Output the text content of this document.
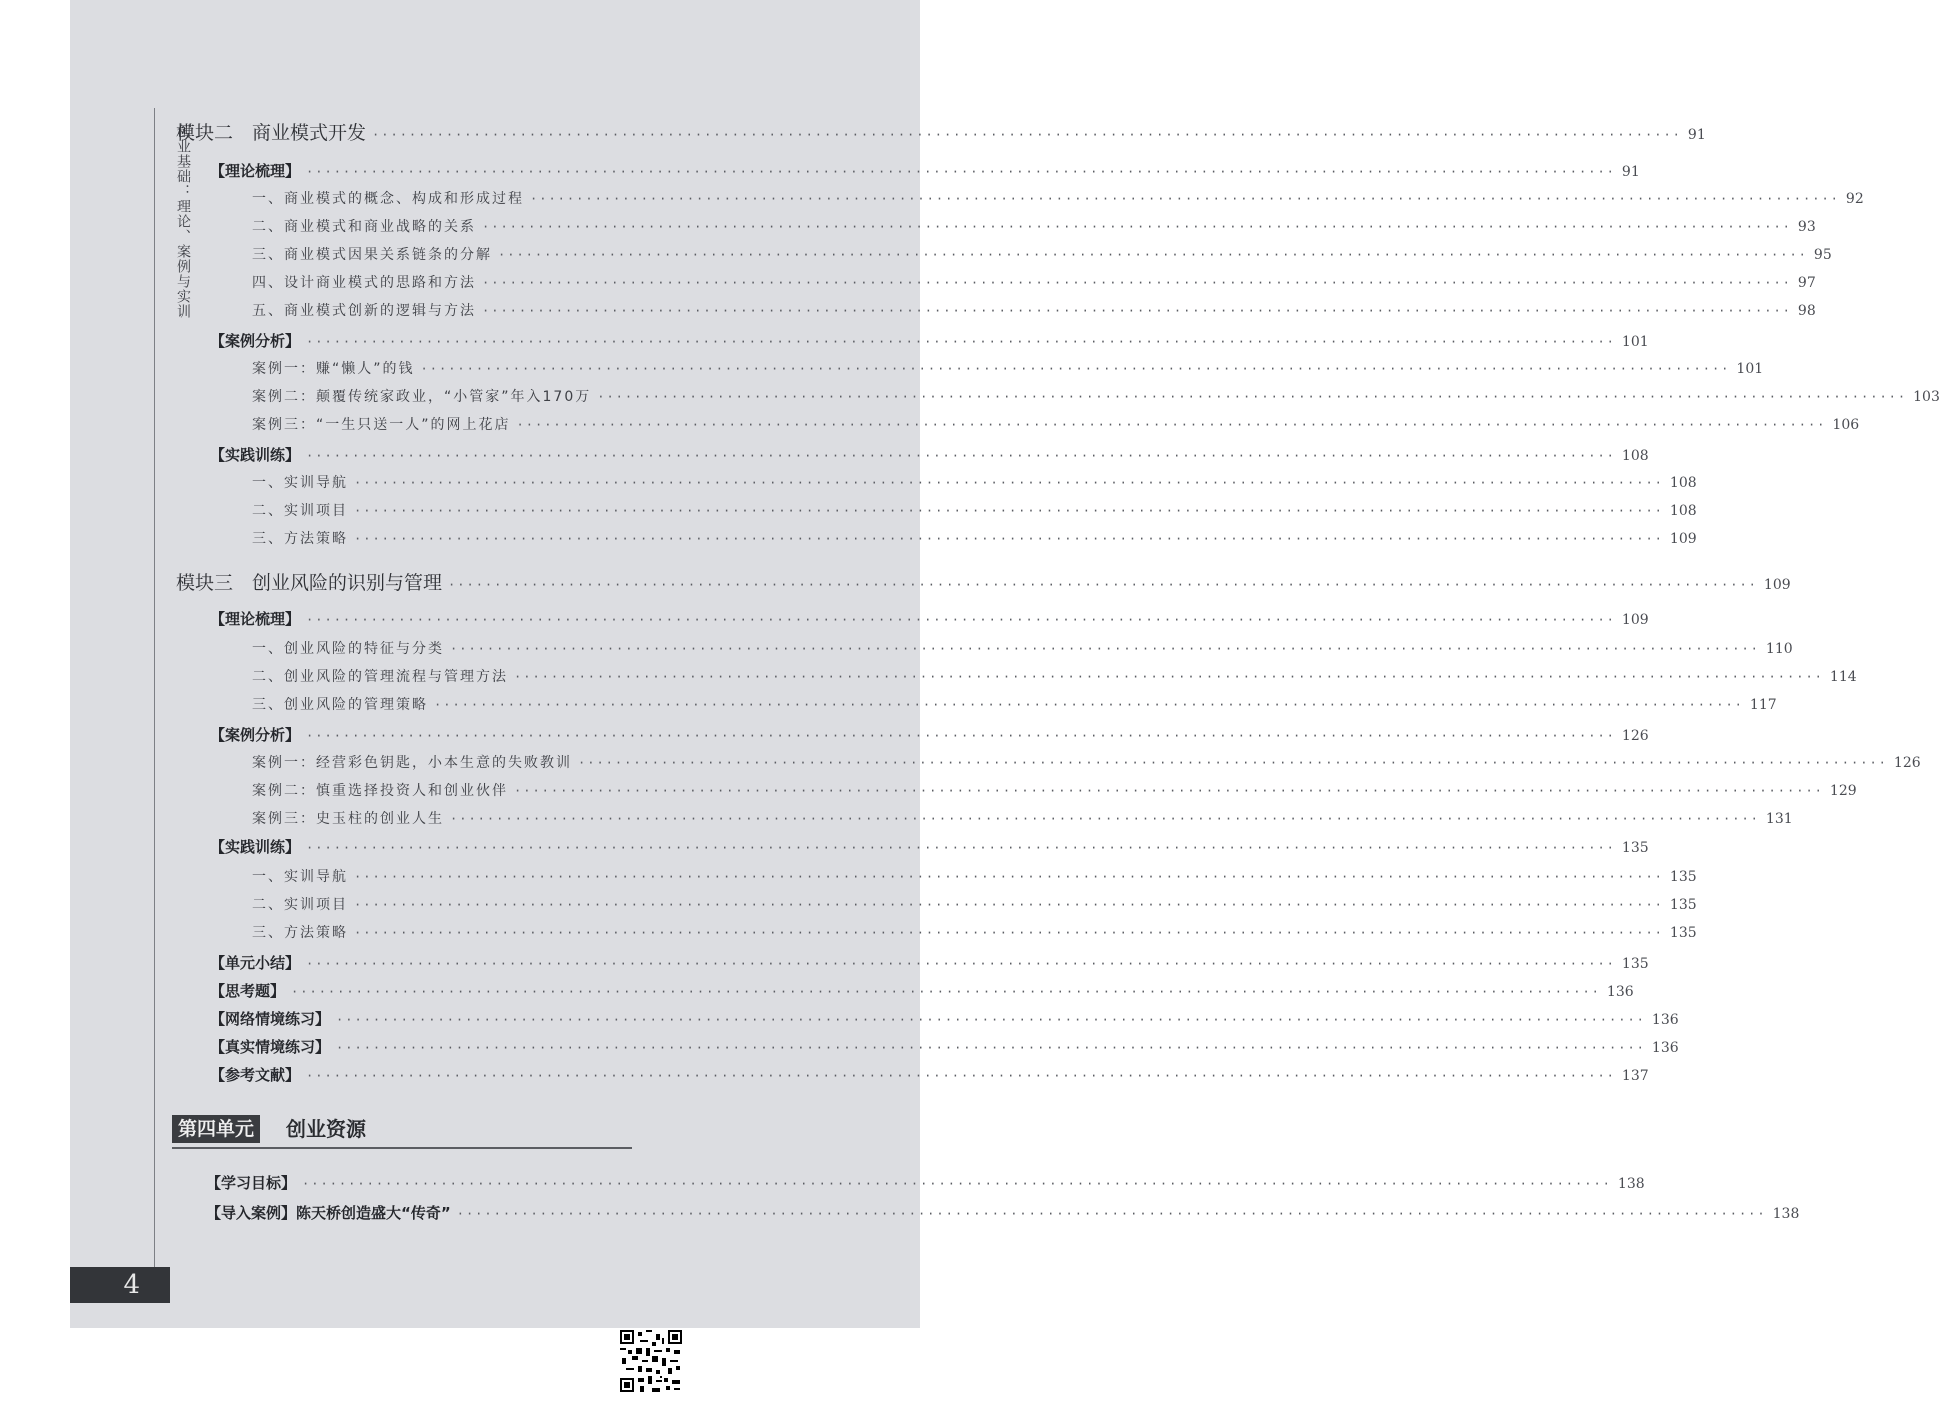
创业基础：理论、案例与实训
模块二　商业模式开发 ·············································································································································· 91
【理论梳理】 ·············································································································································· 91
一、商业模式的概念、构成和形成过程 ·············································································································································· 92
二、商业模式和商业战略的关系 ·············································································································································· 93
三、商业模式因果关系链条的分解 ·············································································································································· 95
四、设计商业模式的思路和方法 ·············································································································································· 97
五、商业模式创新的逻辑与方法 ·············································································································································· 98
【案例分析】 ·············································································································································· 101
案例一：赚“懒人”的钱 ·············································································································································· 101
案例二：颠覆传统家政业，“小管家”年入170万 ·············································································································································· 103
案例三：“一生只送一人”的网上花店 ·············································································································································· 106
【实践训练】 ·············································································································································· 108
一、实训导航 ·············································································································································· 108
二、实训项目 ·············································································································································· 108
三、方法策略 ·············································································································································· 109
模块三　创业风险的识别与管理 ·············································································································································· 109
【理论梳理】 ·············································································································································· 109
一、创业风险的特征与分类 ·············································································································································· 110
二、创业风险的管理流程与管理方法 ·············································································································································· 114
三、创业风险的管理策略 ·············································································································································· 117
【案例分析】 ·············································································································································· 126
案例一：经营彩色钥匙，小本生意的失败教训 ·············································································································································· 126
案例二：慎重选择投资人和创业伙伴 ·············································································································································· 129
案例三：史玉柱的创业人生 ·············································································································································· 131
【实践训练】 ·············································································································································· 135
一、实训导航 ·············································································································································· 135
二、实训项目 ·············································································································································· 135
三、方法策略 ·············································································································································· 135
【单元小结】 ·············································································································································· 135
【思考题】 ·············································································································································· 136
【网络情境练习】 ·············································································································································· 136
【真实情境练习】 ·············································································································································· 136
【参考文献】 ·············································································································································· 137
第四单元	创业资源
【学习目标】 ·············································································································································· 138
【导入案例】陈天桥创造盛大“传奇” ·············································································································································· 138
4
